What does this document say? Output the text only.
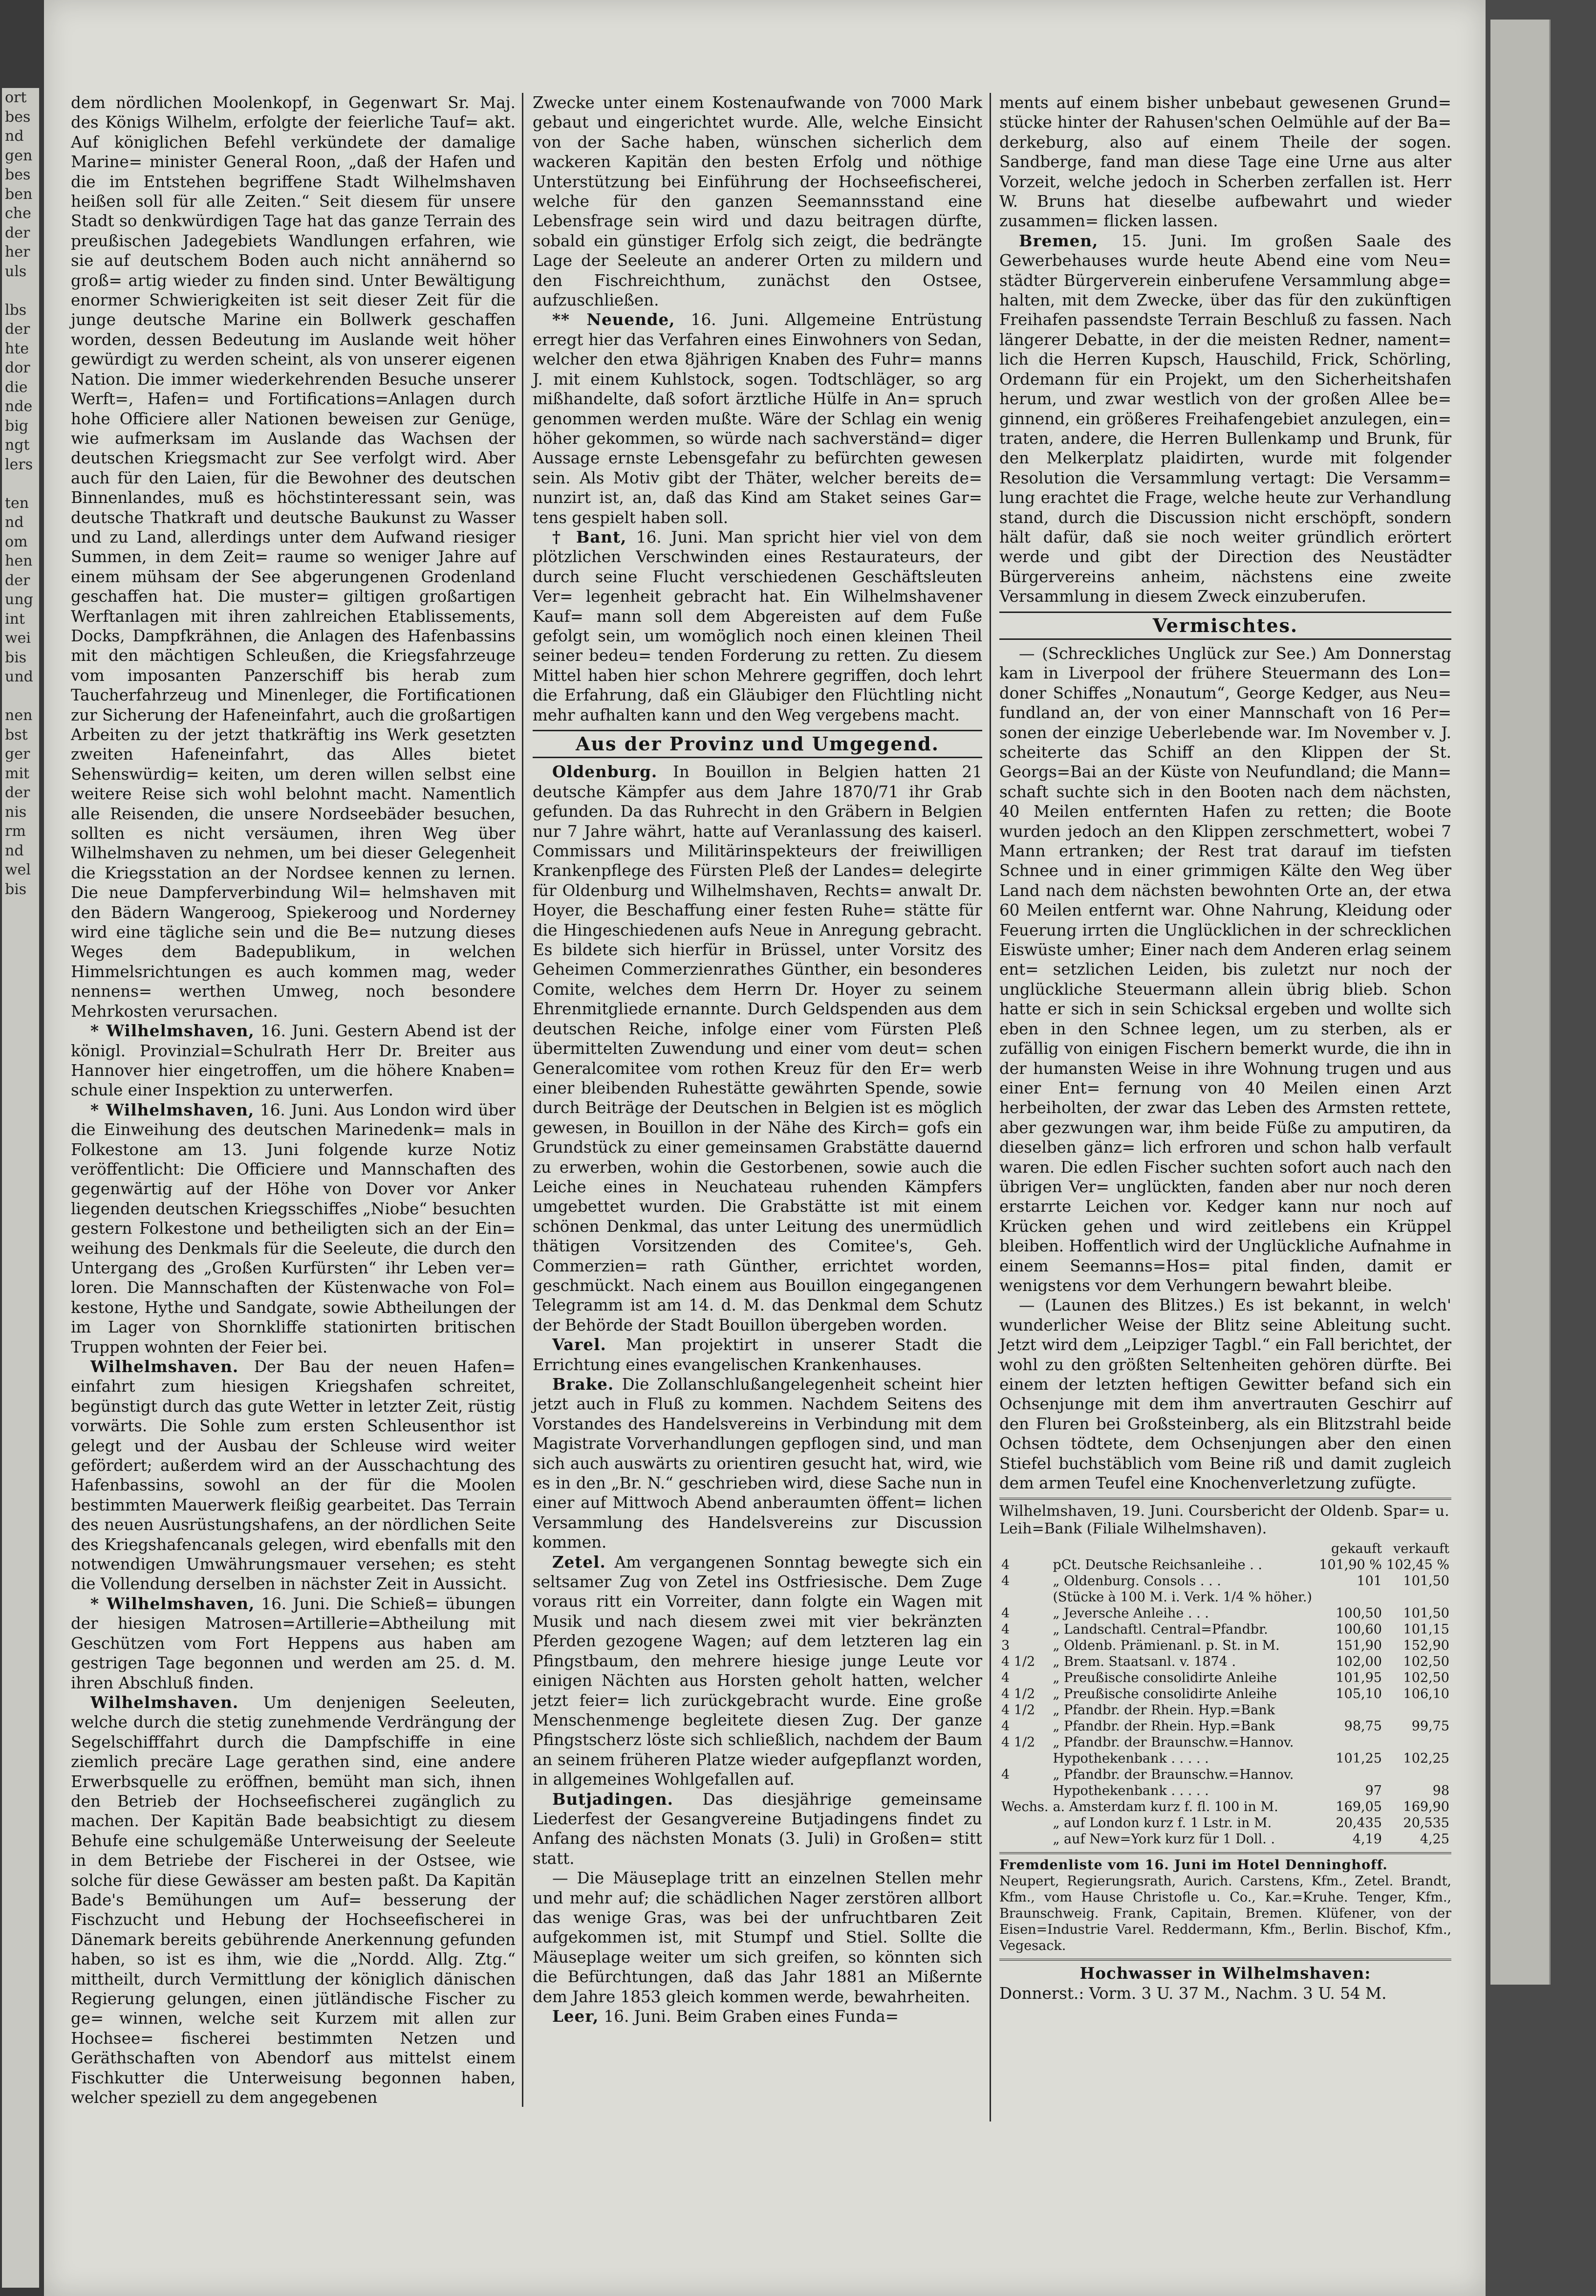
ort
bes
nd
gen
bes
ben
che
der
her
uls

lbs
der
hte
dor
die
nde
big
ngt
lers

ten
nd
om
hen
der
ung
int
wei
bis
und

nen
bst
ger
mit
der
nis
rm
nd
wel
bis

dem nördlichen Moolenkopf, in Gegenwart Sr. Maj. des Königs Wilhelm, erfolgte der feierliche Tauf= akt. Auf königlichen Befehl verkündete der damalige Marine= minister General Roon, „daß der Hafen und die im Entstehen begriffene Stadt Wilhelmshaven heißen soll für alle Zeiten.“ Seit diesem für unsere Stadt so denkwürdigen Tage hat das ganze Terrain des preußischen Jadegebiets Wandlungen erfahren, wie sie auf deutschem Boden auch nicht annähernd so groß= artig wieder zu finden sind. Unter Bewältigung enormer Schwierigkeiten ist seit dieser Zeit für die junge deutsche Marine ein Bollwerk geschaffen worden, dessen Bedeutung im Auslande weit höher gewürdigt zu werden scheint, als von unserer eigenen Nation. Die immer wiederkehrenden Besuche unserer Werft=, Hafen= und Fortifications=Anlagen durch hohe Officiere aller Nationen beweisen zur Genüge, wie aufmerksam im Auslande das Wachsen der deutschen Kriegsmacht zur See verfolgt wird. Aber auch für den Laien, für die Bewohner des deutschen Binnenlandes, muß es höchstinteressant sein, was deutsche Thatkraft und deutsche Baukunst zu Wasser und zu Land, allerdings unter dem Aufwand riesiger Summen, in dem Zeit= raume so weniger Jahre auf einem mühsam der See abgerungenen Grodenland geschaffen hat. Die muster= giltigen großartigen Werftanlagen mit ihren zahlreichen Etablissements, Docks, Dampfkrähnen, die Anlagen des Hafenbassins mit den mächtigen Schleußen, die Kriegsfahrzeuge vom imposanten Panzerschiff bis herab zum Taucherfahrzeug und Minenleger, die Fortificationen zur Sicherung der Hafeneinfahrt, auch die großartigen Arbeiten zu der jetzt thatkräftig ins Werk gesetzten zweiten Hafeneinfahrt, das Alles bietet Sehenswürdig= keiten, um deren willen selbst eine weitere Reise sich wohl belohnt macht. Namentlich alle Reisenden, die unsere Nordseebäder besuchen, sollten es nicht versäumen, ihren Weg über Wilhelmshaven zu nehmen, um bei dieser Gelegenheit die Kriegsstation an der Nordsee kennen zu lernen. Die neue Dampferverbindung Wil= helmshaven mit den Bädern Wangeroog, Spiekeroog und Norderney wird eine tägliche sein und die Be= nutzung dieses Weges dem Badepublikum, in welchen Himmelsrichtungen es auch kommen mag, weder nennens= werthen Umweg, noch besondere Mehrkosten verursachen.

* Wilhelmshaven, 16. Juni. Gestern Abend ist der königl. Provinzial=Schulrath Herr Dr. Breiter aus Hannover hier eingetroffen, um die höhere Knaben= schule einer Inspektion zu unterwerfen.

* Wilhelmshaven, 16. Juni. Aus London wird über die Einweihung des deutschen Marinedenk= mals in Folkestone am 13. Juni folgende kurze Notiz veröffentlicht: Die Officiere und Mannschaften des gegenwärtig auf der Höhe von Dover vor Anker liegenden deutschen Kriegsschiffes „Niobe“ besuchten gestern Folkestone und betheiligten sich an der Ein= weihung des Denkmals für die Seeleute, die durch den Untergang des „Großen Kurfürsten“ ihr Leben ver= loren. Die Mannschaften der Küstenwache von Fol= kestone, Hythe und Sandgate, sowie Abtheilungen der im Lager von Shornkliffe stationirten britischen Truppen wohnten der Feier bei.

Wilhelmshaven. Der Bau der neuen Hafen= einfahrt zum hiesigen Kriegshafen schreitet, begünstigt durch das gute Wetter in letzter Zeit, rüstig vorwärts. Die Sohle zum ersten Schleusenthor ist gelegt und der Ausbau der Schleuse wird weiter gefördert; außerdem wird an der Ausschachtung des Hafenbassins, sowohl an der für die Moolen bestimmten Mauerwerk fleißig gearbeitet. Das Terrain des neuen Ausrüstungshafens, an der nördlichen Seite des Kriegshafencanals gelegen, wird ebenfalls mit den notwendigen Umwährungsmauer versehen; es steht die Vollendung derselben in nächster Zeit in Aussicht.

* Wilhelmshaven, 16. Juni. Die Schieß= übungen der hiesigen Matrosen=Artillerie=Abtheilung mit Geschützen vom Fort Heppens aus haben am gestrigen Tage begonnen und werden am 25. d. M. ihren Abschluß finden.

Wilhelmshaven. Um denjenigen Seeleuten, welche durch die stetig zunehmende Verdrängung der Segelschifffahrt durch die Dampfschiffe in eine ziemlich precäre Lage gerathen sind, eine andere Erwerbsquelle zu eröffnen, bemüht man sich, ihnen den Betrieb der Hochseefischerei zugänglich zu machen. Der Kapitän Bade beabsichtigt zu diesem Behufe eine schulgemäße Unterweisung der Seeleute in dem Betriebe der Fischerei in der Ostsee, wie solche für diese Gewässer am besten paßt. Da Kapitän Bade's Bemühungen um Auf= besserung der Fischzucht und Hebung der Hochseefischerei in Dänemark bereits gebührende Anerkennung gefunden haben, so ist es ihm, wie die „Nordd. Allg. Ztg.“ mittheilt, durch Vermittlung der königlich dänischen Regierung gelungen, einen jütländische Fischer zu ge= winnen, welche seit Kurzem mit allen zur Hochsee= fischerei bestimmten Netzen und Geräthschaften von Abendorf aus mittelst einem Fischkutter die Unterweisung begonnen haben, welcher speziell zu dem angegebenen

Zwecke unter einem Kostenaufwande von 7000 Mark gebaut und eingerichtet wurde. Alle, welche Einsicht von der Sache haben, wünschen sicherlich dem wackeren Kapitän den besten Erfolg und nöthige Unterstützung bei Einführung der Hochseefischerei, welche für den ganzen Seemannsstand eine Lebensfrage sein wird und dazu beitragen dürfte, sobald ein günstiger Erfolg sich zeigt, die bedrängte Lage der Seeleute an anderer Orten zu mildern und den Fischreichthum, zunächst den Ostsee, aufzuschließen.

** Neuende, 16. Juni. Allgemeine Entrüstung erregt hier das Verfahren eines Einwohners von Sedan, welcher den etwa 8jährigen Knaben des Fuhr= manns J. mit einem Kuhlstock, sogen. Todtschläger, so arg mißhandelte, daß sofort ärztliche Hülfe in An= spruch genommen werden mußte. Wäre der Schlag ein wenig höher gekommen, so würde nach sachverständ= diger Aussage ernste Lebensgefahr zu befürchten gewesen sein. Als Motiv gibt der Thäter, welcher bereits de= nunzirt ist, an, daß das Kind am Staket seines Gar= tens gespielt haben soll.

† Bant, 16. Juni. Man spricht hier viel von dem plötzlichen Verschwinden eines Restaurateurs, der durch seine Flucht verschiedenen Geschäftsleuten Ver= legenheit gebracht hat. Ein Wilhelmshavener Kauf= mann soll dem Abgereisten auf dem Fuße gefolgt sein, um womöglich noch einen kleinen Theil seiner bedeu= tenden Forderung zu retten. Zu diesem Mittel haben hier schon Mehrere gegriffen, doch lehrt die Erfahrung, daß ein Gläubiger den Flüchtling nicht mehr aufhalten kann und den Weg vergebens macht.

Aus der Provinz und Umgegend.

Oldenburg. In Bouillon in Belgien hatten 21 deutsche Kämpfer aus dem Jahre 1870/71 ihr Grab gefunden. Da das Ruhrecht in den Gräbern in Belgien nur 7 Jahre währt, hatte auf Veranlassung des kaiserl. Commissars und Militärinspekteurs der freiwilligen Krankenpflege des Fürsten Pleß der Landes= delegirte für Oldenburg und Wilhelmshaven, Rechts= anwalt Dr. Hoyer, die Beschaffung einer festen Ruhe= stätte für die Hingeschiedenen aufs Neue in Anregung gebracht. Es bildete sich hierfür in Brüssel, unter Vorsitz des Geheimen Commerzienrathes Günther, ein besonderes Comite, welches dem Herrn Dr. Hoyer zu seinem Ehrenmitgliede ernannte. Durch Geldspenden aus dem deutschen Reiche, infolge einer vom Fürsten Pleß übermittelten Zuwendung und einer vom deut= schen Generalcomitee vom rothen Kreuz für den Er= werb einer bleibenden Ruhestätte gewährten Spende, sowie durch Beiträge der Deutschen in Belgien ist es möglich gewesen, in Bouillon in der Nähe des Kirch= gofs ein Grundstück zu einer gemeinsamen Grabstätte dauernd zu erwerben, wohin die Gestorbenen, sowie auch die Leiche eines in Neuchateau ruhenden Kämpfers umgebettet wurden. Die Grabstätte ist mit einem schönen Denkmal, das unter Leitung des unermüdlich thätigen Vorsitzenden des Comitee's, Geh. Commerzien= rath Günther, errichtet worden, geschmückt. Nach einem aus Bouillon eingegangenen Telegramm ist am 14. d. M. das Denkmal dem Schutz der Behörde der Stadt Bouillon übergeben worden.

Varel. Man projektirt in unserer Stadt die Errichtung eines evangelischen Krankenhauses.

Brake. Die Zollanschlußangelegenheit scheint hier jetzt auch in Fluß zu kommen. Nachdem Seitens des Vorstandes des Handelsvereins in Verbindung mit dem Magistrate Vorverhandlungen gepflogen sind, und man sich auch auswärts zu orientiren gesucht hat, wird, wie es in den „Br. N.“ geschrieben wird, diese Sache nun in einer auf Mittwoch Abend anberaumten öffent= lichen Versammlung des Handelsvereins zur Discussion kommen.

Zetel. Am vergangenen Sonntag bewegte sich ein seltsamer Zug von Zetel ins Ostfriesische. Dem Zuge voraus ritt ein Vorreiter, dann folgte ein Wagen mit Musik und nach diesem zwei mit vier bekränzten Pferden gezogene Wagen; auf dem letzteren lag ein Pfingstbaum, den mehrere hiesige junge Leute vor einigen Nächten aus Horsten geholt hatten, welcher jetzt feier= lich zurückgebracht wurde. Eine große Menschenmenge begleitete diesen Zug. Der ganze Pfingstscherz löste sich schließlich, nachdem der Baum an seinem früheren Platze wieder aufgepflanzt worden, in allgemeines Wohlgefallen auf.

Butjadingen. Das diesjährige gemeinsame Liederfest der Gesangvereine Butjadingens findet zu Anfang des nächsten Monats (3. Juli) in Großen= stitt statt.

— Die Mäuseplage tritt an einzelnen Stellen mehr und mehr auf; die schädlichen Nager zerstören allbort das wenige Gras, was bei der unfruchtbaren Zeit aufgekommen ist, mit Stumpf und Stiel. Sollte die Mäuseplage weiter um sich greifen, so könnten sich die Befürchtungen, daß das Jahr 1881 an Mißernte dem Jahre 1853 gleich kommen werde, bewahrheiten.

Leer, 16. Juni. Beim Graben eines Funda=

ments auf einem bisher unbebaut gewesenen Grund= stücke hinter der Rahusen'schen Oelmühle auf der Ba= derkeburg, also auf einem Theile der sogen. Sandberge, fand man diese Tage eine Urne aus alter Vorzeit, welche jedoch in Scherben zerfallen ist. Herr W. Bruns hat dieselbe aufbewahrt und wieder zusammen= flicken lassen.

Bremen, 15. Juni. Im großen Saale des Gewerbehauses wurde heute Abend eine vom Neu= städter Bürgerverein einberufene Versammlung abge= halten, mit dem Zwecke, über das für den zukünftigen Freihafen passendste Terrain Beschluß zu fassen. Nach längerer Debatte, in der die meisten Redner, nament= lich die Herren Kupsch, Hauschild, Frick, Schörling, Ordemann für ein Projekt, um den Sicherheitshafen herum, und zwar westlich von der großen Allee be= ginnend, ein größeres Freihafengebiet anzulegen, ein= traten, andere, die Herren Bullenkamp und Brunk, für den Melkerplatz plaidirten, wurde mit folgender Resolution die Versammlung vertagt: Die Versamm= lung erachtet die Frage, welche heute zur Verhandlung stand, durch die Discussion nicht erschöpft, sondern hält dafür, daß sie noch weiter gründlich erörtert werde und gibt der Direction des Neustädter Bürgervereins anheim, nächstens eine zweite Versammlung in diesem Zweck einzuberufen.

Vermischtes.

— (Schreckliches Unglück zur See.) Am Donnerstag kam in Liverpool der frühere Steuermann des Lon= doner Schiffes „Nonautum“, George Kedger, aus Neu= fundland an, der von einer Mannschaft von 16 Per= sonen der einzige Ueberlebende war. Im November v. J. scheiterte das Schiff an den Klippen der St. Georgs=Bai an der Küste von Neufundland; die Mann= schaft suchte sich in den Booten nach dem nächsten, 40 Meilen entfernten Hafen zu retten; die Boote wurden jedoch an den Klippen zerschmettert, wobei 7 Mann ertranken; der Rest trat darauf im tiefsten Schnee und in einer grimmigen Kälte den Weg über Land nach dem nächsten bewohnten Orte an, der etwa 60 Meilen entfernt war. Ohne Nahrung, Kleidung oder Feuerung irrten die Unglücklichen in der schrecklichen Eiswüste umher; Einer nach dem Anderen erlag seinem ent= setzlichen Leiden, bis zuletzt nur noch der unglückliche Steuermann allein übrig blieb. Schon hatte er sich in sein Schicksal ergeben und wollte sich eben in den Schnee legen, um zu sterben, als er zufällig von einigen Fischern bemerkt wurde, die ihn in der humansten Weise in ihre Wohnung trugen und aus einer Ent= fernung von 40 Meilen einen Arzt herbeiholten, der zwar das Leben des Armsten rettete, aber gezwungen war, ihm beide Füße zu amputiren, da dieselben gänz= lich erfroren und schon halb verfault waren. Die edlen Fischer suchten sofort auch nach den übrigen Ver= unglückten, fanden aber nur noch deren erstarrte Leichen vor. Kedger kann nur noch auf Krücken gehen und wird zeitlebens ein Krüppel bleiben. Hoffentlich wird der Unglückliche Aufnahme in einem Seemanns=Hos= pital finden, damit er wenigstens vor dem Verhungern bewahrt bleibe.

— (Launen des Blitzes.) Es ist bekannt, in welch' wunderlicher Weise der Blitz seine Ableitung sucht. Jetzt wird dem „Leipziger Tagbl.“ ein Fall berichtet, der wohl zu den größten Seltenheiten gehören dürfte. Bei einem der letzten heftigen Gewitter befand sich ein Ochsenjunge mit dem ihm anvertrauten Geschirr auf den Fluren bei Großsteinberg, als ein Blitzstrahl beide Ochsen tödtete, dem Ochsenjungen aber den einen Stiefel buchstäblich vom Beine riß und damit zugleich dem armen Teufel eine Knochenverletzung zufügte.

Wilhelmshaven, 19. Juni. Coursbericht der Oldenb. Spar= u. Leih=Bank (Filiale Wilhelmshaven).
		gekauft	verkauft
4	pCt. Deutsche Reichsanleihe . .	101,90 %	102,45 %
4	„ Oldenburg. Consols . . .	101	101,50
	(Stücke à 100 M. i. Verk. 1/4 % höher.)		
4	„ Jeversche Anleihe . . .	100,50	101,50
4	„ Landschaftl. Central=Pfandbr.	100,60	101,15
3	„ Oldenb. Prämienanl. p. St. in M.	151,90	152,90
4 1/2	„ Brem. Staatsanl. v. 1874 .	102,00	102,50
4	„ Preußische consolidirte Anleihe	101,95	102,50
4 1/2	„ Preußische consolidirte Anleihe	105,10	106,10
4 1/2	„ Pfandbr. der Rhein. Hyp.=Bank		
4	„ Pfandbr. der Rhein. Hyp.=Bank	98,75	99,75
4 1/2	„ Pfandbr. der Braunschw.=Hannov.		
	Hypothekenbank . . . . .	101,25	102,25
4	„ Pfandbr. der Braunschw.=Hannov.		
	Hypothekenbank . . . . .	97	98
Wechs.	a. Amsterdam kurz f. fl. 100 in M.	169,05	169,90
	„ auf London kurz f. 1 Lstr. in M.	20,435	20,535
	„ auf New=York kurz für 1 Doll. .	4,19	4,25
Fremdenliste vom 16. Juni im Hotel Denninghoff.

Neupert, Regierungsrath, Aurich. Carstens, Kfm., Zetel. Brandt, Kfm., vom Hause Christofle u. Co., Kar.=Kruhe. Tenger, Kfm., Braunschweig. Frank, Capitain, Bremen. Klüfener, von der Eisen=Industrie Varel. Reddermann, Kfm., Berlin. Bischof, Kfm., Vegesack.

Hochwasser in Wilhelmshaven:

Donnerst.: Vorm. 3 U. 37 M., Nachm. 3 U. 54 M.
